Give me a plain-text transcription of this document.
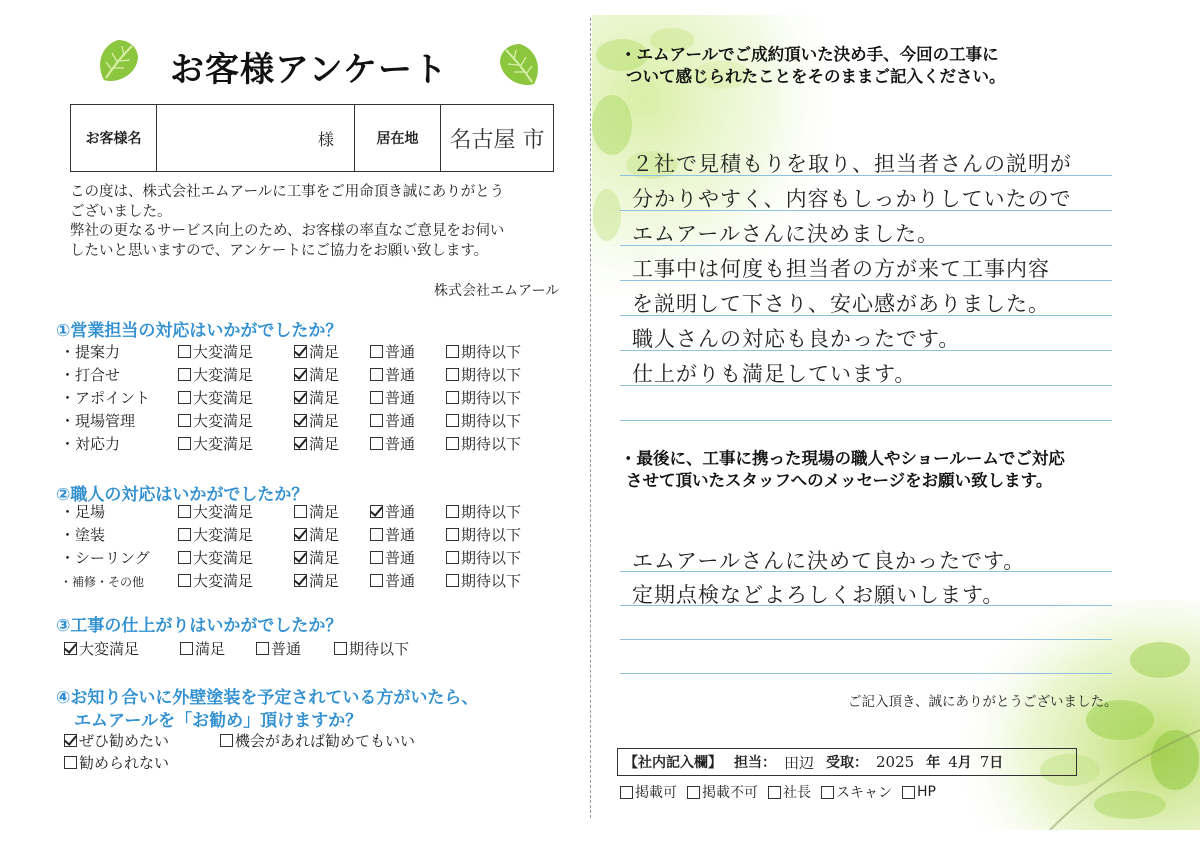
お客様アンケート
お客様名	様	居在地	名古屋 市
この度は、株式会社エムアールに工事をご用命頂き誠にありがとう
ございました。
弊社の更なるサービス向上のため、お客様の率直なご意見をお伺い
したいと思いますので、アンケートにご協力をお願い致します。
株式会社エムアール
①営業担当の対応はいかがでしたか？
・提案力	大変満足	満足	普通	期待以下
・打合せ	大変満足	満足	普通	期待以下
・アポイント	大変満足	満足	普通	期待以下
・現場管理	大変満足	満足	普通	期待以下
・対応力	大変満足	満足	普通	期待以下
②職人の対応はいかがでしたか？
・足場	大変満足	満足	普通	期待以下
・塗装	大変満足	満足	普通	期待以下
・シーリング	大変満足	満足	普通	期待以下
・補修・その他	大変満足	満足	普通	期待以下
③工事の仕上がりはいかがでしたか？
大変満足	満足	普通	期待以下
④お知り合いに外壁塗装を予定されている方がいたら、
エムアールを「お勧め」頂けますか？
ぜひ勧めたい	機会があれば勧めてもいい
勧められない
・エムアールでご成約頂いた決め手、今回の工事に
ついて感じられたことをそのままご記入ください。
２社で見積もりを取り、担当者さんの説明が
分かりやすく、内容もしっかりしていたので
エムアールさんに決めました。
工事中は何度も担当者の方が来て工事内容
を説明して下さり、安心感がありました。
職人さんの対応も良かったです。
仕上がりも満足しています。
・最後に、工事に携った現場の職人やショールームでご対応
させて頂いたスタッフへのメッセージをお願い致します。
エムアールさんに決めて良かったです。
定期点検などよろしくお願いします。
ご記入頂き、誠にありがとうございました。
【社内記入欄】 担当： 田辺 受取： 2025 年 4 月 7 日
掲載可 掲載不可 社長 スキャン HP
